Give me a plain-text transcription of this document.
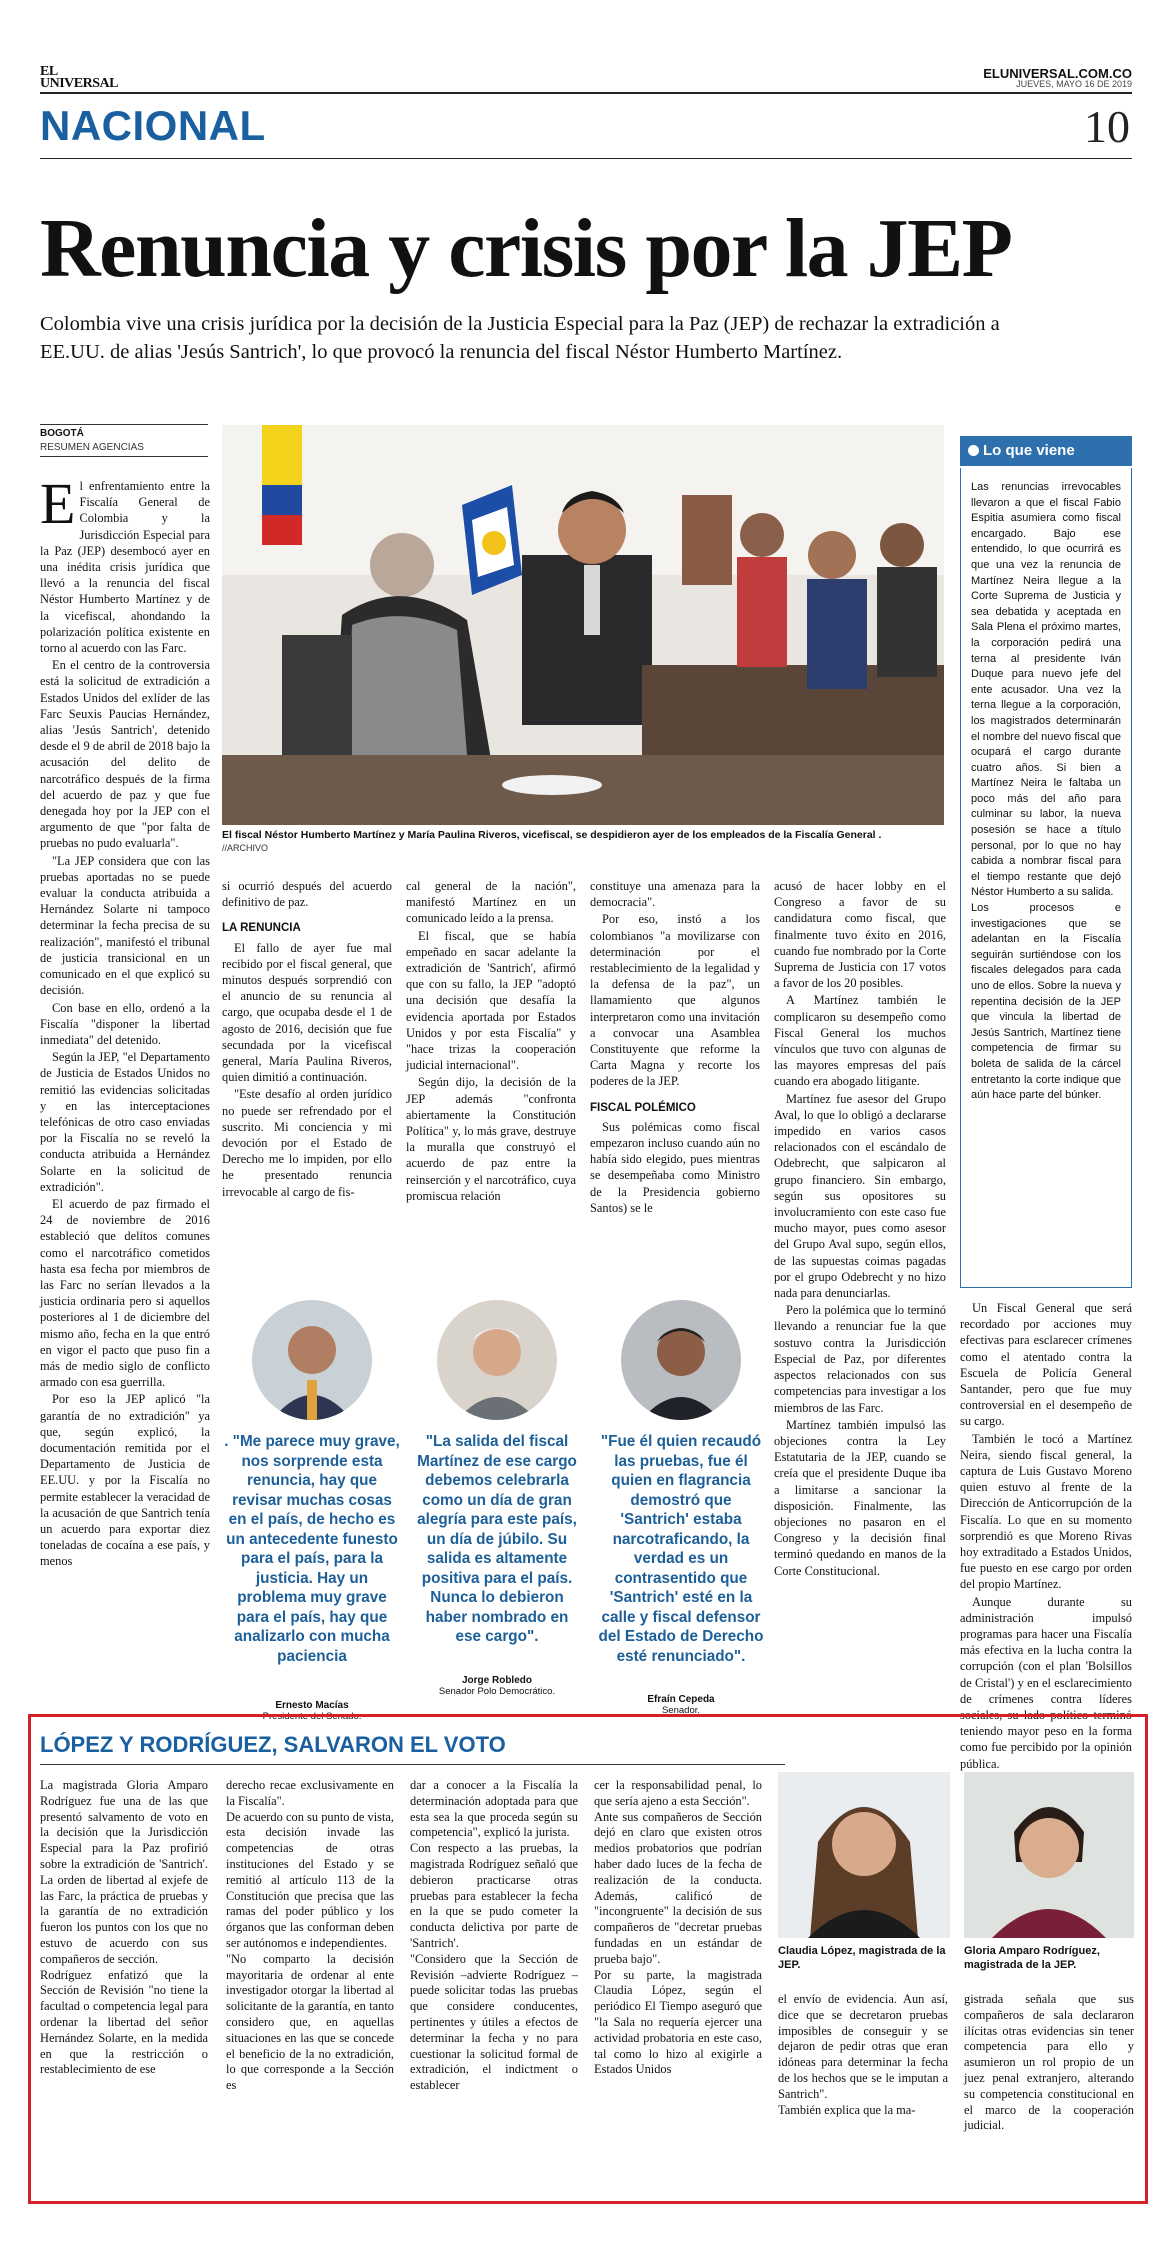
EL
UNIVERSAL
ELUNIVERSAL.COM.CO
JUEVES, MAYO 16 DE 2019
NACIONAL	10
Renuncia y crisis por la JEP

Colombia vive una crisis jurídica por la decisión de la Justicia Especial para la Paz (JEP) de rechazar la extradición a EE.UU. de alias 'Jesús Santrich', lo que provocó la renuncia del fiscal Néstor Humberto Martínez.

BOGOTÁ
RESUMEN AGENCIAS

El enfrentamiento entre la Fiscalía General de Colombia y la Jurisdicción Especial para la Paz (JEP) desembocó ayer en una inédita crisis jurídica que llevó a la renuncia del fiscal Néstor Humberto Martínez y de la vicefiscal, ahondando la polarización política existente en torno al acuerdo con las Farc.

En el centro de la controversia está la solicitud de extradición a Estados Unidos del exlíder de las Farc Seuxis Paucias Hernández, alias 'Jesús Santrich', detenido desde el 9 de abril de 2018 bajo la acusación del delito de narcotráfico después de la firma del acuerdo de paz y que fue denegada hoy por la JEP con el argumento de que "por falta de pruebas no pudo evaluarla".

"La JEP considera que con las pruebas aportadas no se puede evaluar la conducta atribuida a Hernández Solarte ni tampoco determinar la fecha precisa de su realización", manifestó el tribunal de justicia transicional en un comunicado en el que explicó su decisión.

Con base en ello, ordenó a la Fiscalía "disponer la libertad inmediata" del detenido.

Según la JEP, "el Departamento de Justicia de Estados Unidos no remitió las evidencias solicitadas y en las interceptaciones telefónicas de otro caso enviadas por la Fiscalía no se reveló la conducta atribuida a Hernández Solarte en la solicitud de extradición".

El acuerdo de paz firmado el 24 de noviembre de 2016 estableció que delitos comunes como el narcotráfico cometidos hasta esa fecha por miembros de las Farc no serían llevados a la justicia ordinaria pero si aquellos posteriores al 1 de diciembre del mismo año, fecha en la que entró en vigor el pacto que puso fin a más de medio siglo de conflicto armado con esa guerrilla.

Por eso la JEP aplicó "la garantía de no extradición" ya que, según explicó, la documentación remitida por el Departamento de Justicia de EE.UU. y por la Fiscalía no permite establecer la veracidad de la acusación de que Santrich tenía un acuerdo para exportar diez toneladas de cocaína a ese país, y menos

El fiscal Néstor Humberto Martínez y María Paulina Riveros, vicefiscal, se despidieron ayer de los empleados de la Fiscalía General .
//ARCHIVO
Lo que viene

Las renuncias irrevocables llevaron a que el fiscal Fabio Espitia asumiera como fiscal encargado. Bajo ese entendido, lo que ocurrirá es que una vez la renuncia de Martínez Neira llegue a la Corte Suprema de Justicia y sea debatida y aceptada en Sala Plena el próximo martes, la corporación pedirá una terna al presidente Iván Duque para nuevo jefe del ente acusador. Una vez la terna llegue a la corporación, los magistrados determinarán el nombre del nuevo fiscal que ocupará el cargo durante cuatro años. Si bien a Martínez Neira le faltaba un poco más del año para culminar su labor, la nueva posesión se hace a título personal, por lo que no hay cabida a nombrar fiscal para el tiempo restante que dejó Néstor Humberto a su salida.

Los procesos e investigaciones que se adelantan en la Fiscalía seguirán surtiéndose con los fiscales delegados para cada uno de ellos. Sobre la nueva y repentina decisión de la JEP que vincula la libertad de Jesús Santrich, Martínez tiene competencia de firmar su boleta de salida de la cárcel entretanto la corte indique que aún hace parte del búnker.

si ocurrió después del acuerdo definitivo de paz.

LA RENUNCIA

El fallo de ayer fue mal recibido por el fiscal general, que minutos después sorprendió con el anuncio de su renuncia al cargo, que ocupaba desde el 1 de agosto de 2016, decisión que fue secundada por la vicefiscal general, María Paulina Riveros, quien dimitió a continuación.

"Este desafío al orden jurídico no puede ser refrendado por el suscrito. Mi conciencia y mi devoción por el Estado de Derecho me lo impiden, por ello he presentado renuncia irrevocable al cargo de fis-

cal general de la nación", manifestó Martínez en un comunicado leído a la prensa.

El fiscal, que se había empeñado en sacar adelante la extradición de 'Santrich', afirmó que con su fallo, la JEP "adoptó una decisión que desafía la evidencia aportada por Estados Unidos y por esta Fiscalía" y "hace trizas la cooperación judicial internacional".

Según dijo, la decisión de la JEP además "confronta abiertamente la Constitución Política" y, lo más grave, destruye la muralla que construyó el acuerdo de paz entre la reinserción y el narcotráfico, cuya promiscua relación

constituye una amenaza para la democracia".

Por eso, instó a los colombianos "a movilizarse con determinación por el restablecimiento de la legalidad y la defensa de la paz", un llamamiento que algunos interpretaron como una invitación a convocar una Asamblea Constituyente que reforme la Carta Magna y recorte los poderes de la JEP.

FISCAL POLÉMICO

Sus polémicas como fiscal empezaron incluso cuando aún no había sido elegido, pues mientras se desempeñaba como Ministro de la Presidencia gobierno Santos) se le

acusó de hacer lobby en el Congreso a favor de su candidatura como fiscal, que finalmente tuvo éxito en 2016, cuando fue nombrado por la Corte Suprema de Justicia con 17 votos a favor de los 20 posibles.

A Martínez también le complicaron su desempeño como Fiscal General los muchos vínculos que tuvo con algunas de las mayores empresas del país cuando era abogado litigante.

Martínez fue asesor del Grupo Aval, lo que lo obligó a declararse impedido en varios casos relacionados con el escándalo de Odebrecht, que salpicaron al grupo financiero. Sin embargo, según sus opositores su involucramiento con este caso fue mucho mayor, pues como asesor del Grupo Aval supo, según ellos, de las supuestas coimas pagadas por el grupo Odebrecht y no hizo nada para denunciarlas.

Pero la polémica que lo terminó llevando a renunciar fue la que sostuvo contra la Jurisdicción Especial de Paz, por diferentes aspectos relacionados con sus competencias para investigar a los miembros de las Farc.

Martínez también impulsó las objeciones contra la Ley Estatutaria de la JEP, cuando se creía que el presidente Duque iba a limitarse a sancionar la disposición. Finalmente, las objeciones no pasaron en el Congreso y la decisión final terminó quedando en manos de la Corte Constitucional.

Un Fiscal General que será recordado por acciones muy efectivas para esclarecer crímenes como el atentado contra la Escuela de Policía General Santander, pero que fue muy controversial en el desempeño de su cargo.

También le tocó a Martínez Neira, siendo fiscal general, la captura de Luis Gustavo Moreno quien estuvo al frente de la Dirección de Anticorrupción de la Fiscalía. Lo que en su momento sorprendió es que Moreno Rivas hoy extraditado a Estados Unidos, fue puesto en ese cargo por orden del propio Martínez.

Aunque durante su administración impulsó programas para hacer una Fiscalía más efectiva en la lucha contra la corrupción (con el plan 'Bolsillos de Cristal') y en el esclarecimiento de crímenes contra líderes sociales, su lado político terminó teniendo mayor peso en la forma como fue percibido por la opinión pública.

. "Me parece muy grave, nos sorprende esta renuncia, hay que revisar muchas cosas en el país, de hecho es un antecedente funesto para el país, para la justicia. Hay un problema muy grave para el país, hay que analizarlo con mucha paciencia
Ernesto Macías
Presidente del Senado.
"La salida del fiscal Martínez de ese cargo debemos celebrarla como un día de gran alegría para este país, un día de júbilo. Su salida es altamente positiva para el país. Nunca lo debieron haber nombrado en ese cargo".
Jorge Robledo
Senador Polo Democrático.
"Fue él quien recaudó las pruebas, fue él quien en flagrancia demostró que 'Santrich' estaba narcotraficando, la verdad es un contrasentido que 'Santrich' esté en la calle y fiscal defensor del Estado de Derecho esté renunciado".
Efraín Cepeda
Senador.
LÓPEZ Y RODRÍGUEZ, SALVARON EL VOTO
La magistrada Gloria Amparo Rodríguez fue una de las que presentó salvamento de voto en la decisión que la Jurisdicción Especial para la Paz profirió sobre la extradición de 'Santrich'. La orden de libertad al exjefe de las Farc, la práctica de pruebas y la garantía de no extradición fueron los puntos con los que no estuvo de acuerdo con sus compañeros de sección.
Rodríguez enfatizó que la Sección de Revisión "no tiene la facultad o competencia legal para ordenar la libertad del señor Hernández Solarte, en la medida en que la restricción o restablecimiento de ese
derecho recae exclusivamente en la Fiscalía".
De acuerdo con su punto de vista, esta decisión invade las competencias de otras instituciones del Estado y se remitió al artículo 113 de la Constitución que precisa que las ramas del poder público y los órganos que las conforman deben ser autónomos e independientes.
"No comparto la decisión mayoritaria de ordenar al ente investigador otorgar la libertad al solicitante de la garantía, en tanto considero que, en aquellas situaciones en las que se concede el beneficio de la no extradición, lo que corresponde a la Sección es
dar a conocer a la Fiscalía la determinación adoptada para que esta sea la que proceda según su competencia", explicó la jurista.
Con respecto a las pruebas, la magistrada Rodríguez señaló que debieron practicarse otras pruebas para establecer la fecha en la que se pudo cometer la conducta delictiva por parte de 'Santrich'.
"Considero que la Sección de Revisión –advierte Rodríguez – puede solicitar todas las pruebas que considere conducentes, pertinentes y útiles a efectos de determinar la fecha y no para cuestionar la solicitud formal de extradición, el indictment o establecer
cer la responsabilidad penal, lo que sería ajeno a esta Sección".
Ante sus compañeros de Sección dejó en claro que existen otros medios probatorios que podrían haber dado luces de la fecha de realización de la conducta. Además, calificó de "incongruente" la decisión de sus compañeros de "decretar pruebas fundadas en un estándar de prueba bajo".
Por su parte, la magistrada Claudia López, según el periódico El Tiempo aseguró que "la Sala no requería ejercer una actividad probatoria en este caso, tal como lo hizo al exigirle a Estados Unidos
Claudia López, magistrada de la JEP.
Gloria Amparo Rodríguez, magistrada de la JEP.
el envío de evidencia. Aun así, dice que se decretaron pruebas imposibles de conseguir y se dejaron de pedir otras que eran idóneas para determinar la fecha de los hechos que se le imputan a Santrich".
También explica que la ma-
gistrada señala que sus compañeros de sala declararon ilícitas otras evidencias sin tener competencia para ello y asumieron un rol propio de un juez penal extranjero, alterando su competencia constitucional en el marco de la cooperación judicial.
